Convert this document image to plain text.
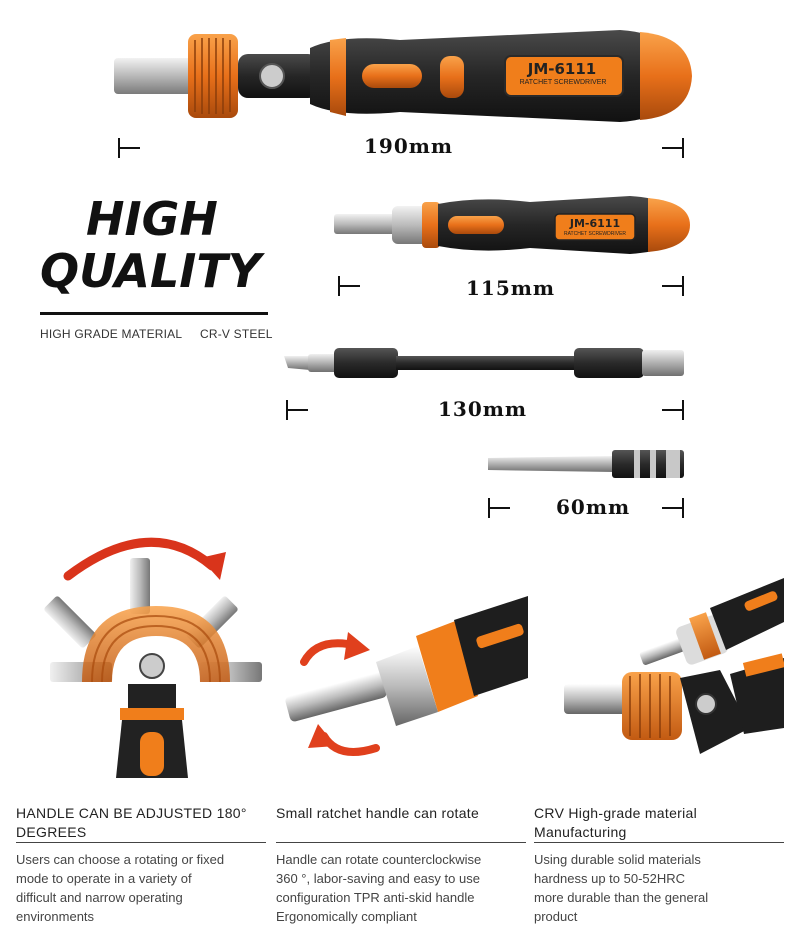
JM-6111
RATCHET SCREWDRIVER
190mm
HIGH
QUALITY
HIGH GRADE MATERIAL CR-V STEEL
JM-6111
RATCHET SCREWDRIVER
115mm
130mm
60mm
HANDLE CAN BE ADJUSTED 180°
DEGREES
Users can choose a rotating or fixed
mode to operate in a variety of
difficult and narrow operating
environments
Small ratchet handle can rotate
Handle can rotate counterclockwise
360 °, labor-saving and easy to use
configuration TPR anti-skid handle
Ergonomically compliant
CRV High-grade material
Manufacturing
Using durable solid materials
hardness up to 50-52HRC
more durable than the general
product
